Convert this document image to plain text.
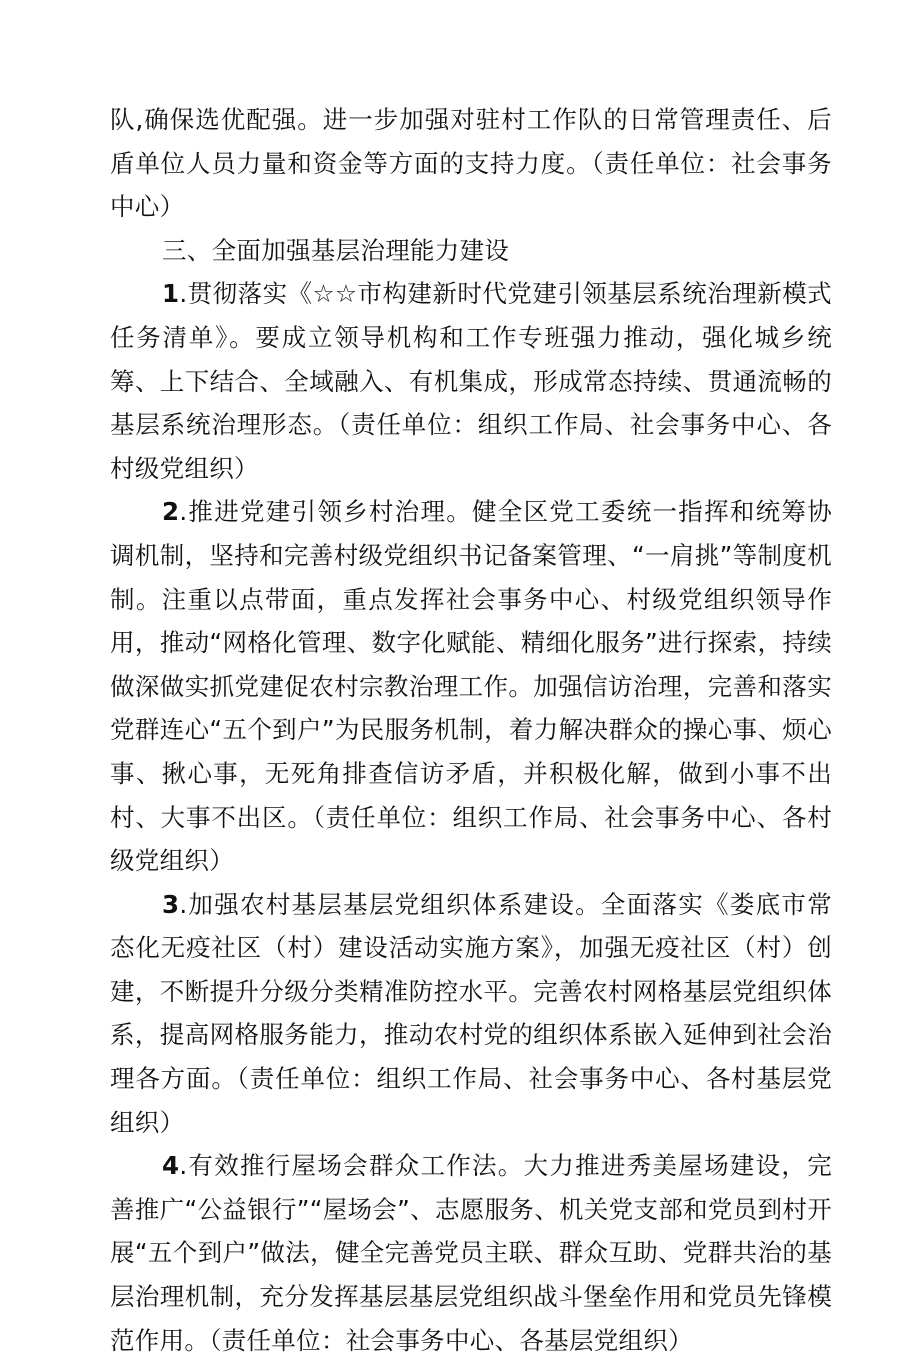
队,确保选优配强。进一步加强对驻村工作队的日常管理责任、后盾单位人员力量和资金等方面的支持力度。（责任单位：社会事务中心）

三、全面加强基层治理能力建设

1.贯彻落实《☆☆市构建新时代党建引领基层系统治理新模式任务清单》。要成立领导机构和工作专班强力推动，强化城乡统筹、上下结合、全域融入、有机集成，形成常态持续、贯通流畅的基层系统治理形态。（责任单位：组织工作局、社会事务中心、各村级党组织）

2.推进党建引领乡村治理。健全区党工委统一指挥和统筹协调机制，坚持和完善村级党组织书记备案管理、“一肩挑”等制度机制。注重以点带面，重点发挥社会事务中心、村级党组织领导作用，推动“网格化管理、数字化赋能、精细化服务”进行探索，持续做深做实抓党建促农村宗教治理工作。加强信访治理，完善和落实党群连心“五个到户”为民服务机制，着力解决群众的操心事、烦心事、揪心事，无死角排查信访矛盾，并积极化解，做到小事不出村、大事不出区。（责任单位：组织工作局、社会事务中心、各村级党组织）

3.加强农村基层基层党组织体系建设。全面落实《娄底市常态化无疫社区（村）建设活动实施方案》，加强无疫社区（村）创建，不断提升分级分类精准防控水平。完善农村网格基层党组织体系，提高网格服务能力，推动农村党的组织体系嵌入延伸到社会治理各方面。（责任单位：组织工作局、社会事务中心、各村基层党组织）

4.有效推行屋场会群众工作法。大力推进秀美屋场建设，完善推广“公益银行”“屋场会”、志愿服务、机关党支部和党员到村开展“五个到户”做法，健全完善党员主联、群众互助、党群共治的基层治理机制，充分发挥基层基层党组织战斗堡垒作用和党员先锋模范作用。（责任单位：社会事务中心、各基层党组织）
